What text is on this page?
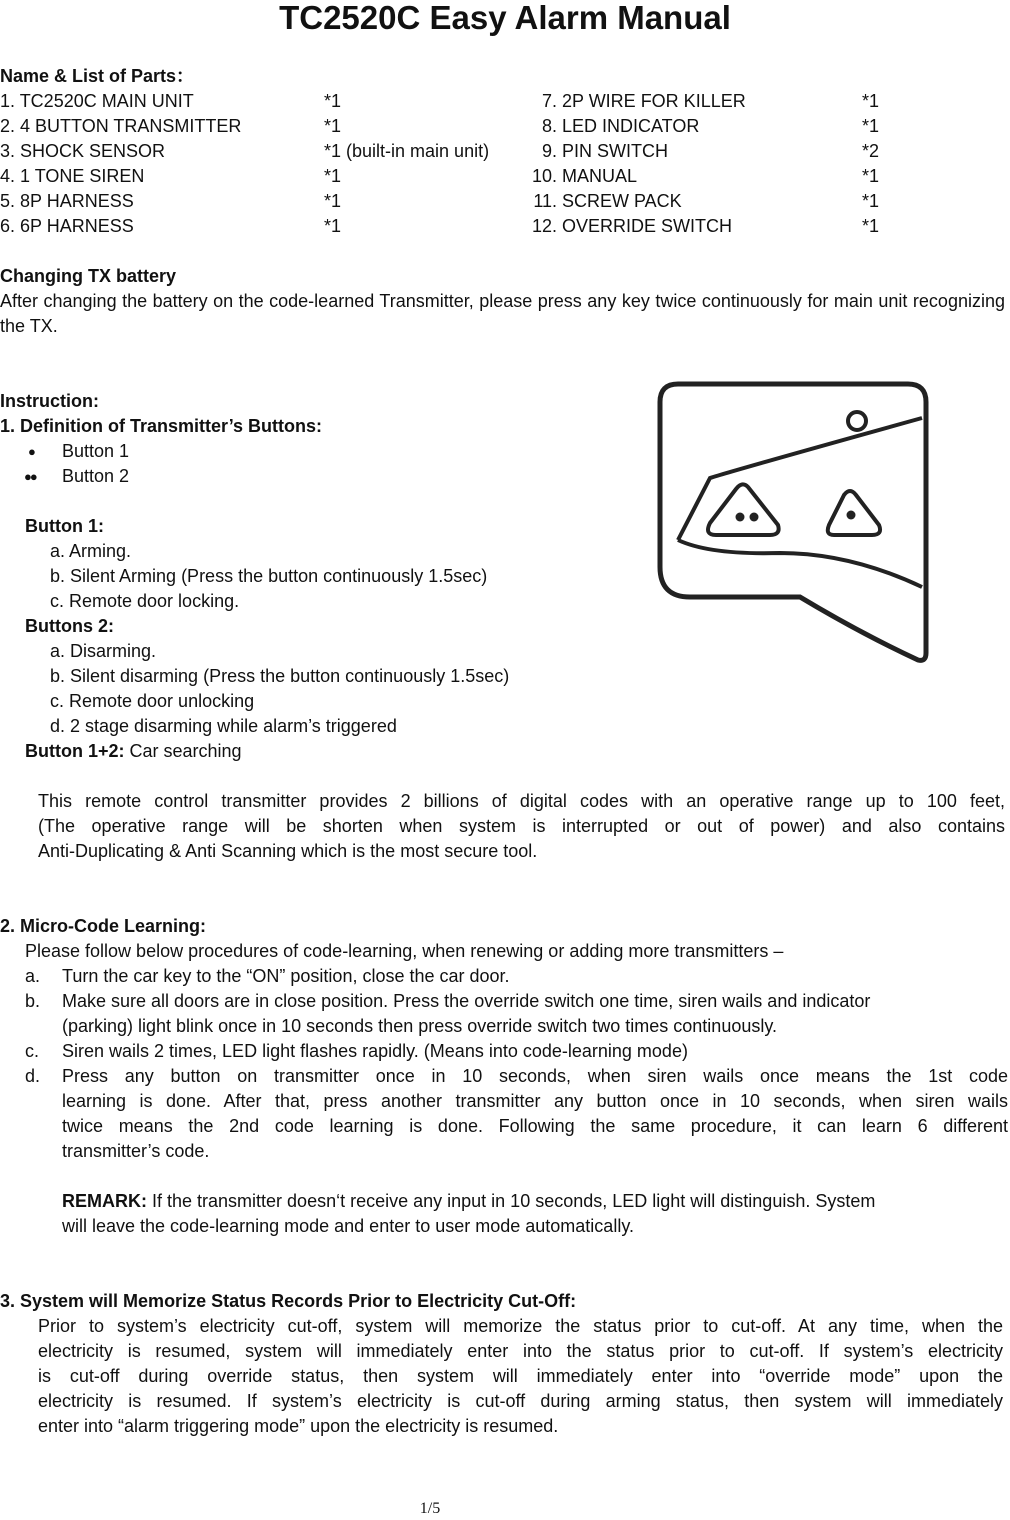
TC2520C Easy Alarm Manual
Name & List of Parts：
1. TC2520C MAIN UNIT	*1
2. 4 BUTTON TRANSMITTER	*1
3. SHOCK SENSOR	*1 (built-in main unit)
4. 1 TONE SIREN	*1
5. 8P HARNESS	*1
6. 6P HARNESS	*1
7. 2P WIRE FOR KILLER	*1
8. LED INDICATOR	*1
9. PIN SWITCH	*2
10. MANUAL	*1
11. SCREW PACK	*1
12. OVERRIDE SWITCH	*1
Changing TX battery
After changing the battery on the code-learned Transmitter, please press any key twice continuously for main unit recognizing the TX.
Instruction:
1. Definition of Transmitter’s Buttons:
● Button 1
●● Button 2
Button 1:
a. Arming.
b. Silent Arming (Press the button continuously 1.5sec)
c. Remote door locking.
Buttons 2:
a. Disarming.
b. Silent disarming (Press the button continuously 1.5sec)
c. Remote door unlocking
d. 2 stage disarming while alarm’s triggered
Button 1+2: Car searching
This remote control transmitter provides 2 billions of digital codes with an operative range up to 100 feet,
(The operative range will be shorten when system is interrupted or out of power) and also contains
Anti-Duplicating & Anti Scanning which is the most secure tool.
2. Micro-Code Learning:
Please follow below procedures of code-learning, when renewing or adding more transmitters –
a. Turn the car key to the “ON” position, close the car door.
b. Make sure all doors are in close position. Press the override switch one time, siren wails and indicator
(parking) light blink once in 10 seconds then press override switch two times continuously.
c. Siren wails 2 times, LED light flashes rapidly. (Means into code-learning mode)
d. Press any button on transmitter once in 10 seconds, when siren wails once means the 1st code
learning is done. After that, press another transmitter any button once in 10 seconds, when siren wails
twice means the 2nd code learning is done. Following the same procedure, it can learn 6 different
transmitter’s code.
REMARK: If the transmitter doesn‘t receive any input in 10 seconds, LED light will distinguish. System
will leave the code-learning mode and enter to user mode automatically.
3. System will Memorize Status Records Prior to Electricity Cut-Off:
Prior to system’s electricity cut-off, system will memorize the status prior to cut-off. At any time, when the
electricity is resumed, system will immediately enter into the status prior to cut-off. If system’s electricity
is cut-off during override status, then system will immediately enter into “override mode” upon the
electricity is resumed. If system’s electricity is cut-off during arming status, then system will immediately
enter into “alarm triggering mode” upon the electricity is resumed.
1/5
